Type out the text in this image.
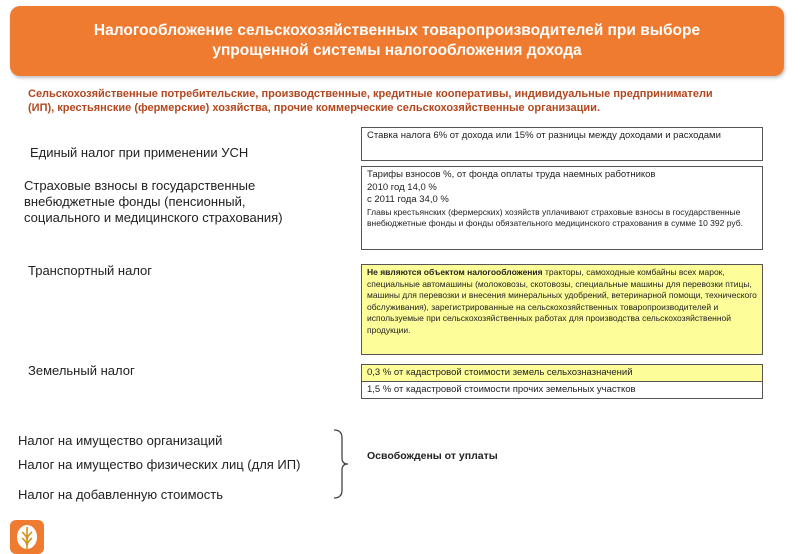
Налогообложение сельскохозяйственных товаропроизводителей при выборе упрощенной системы налогообложения дохода
Сельскохозяйственные потребительские, производственные, кредитные кооперативы, индивидуальные предприниматели (ИП), крестьянские (фермерские) хозяйства, прочие коммерческие сельскохозяйственные организации.
Единый налог при применении УСН
Ставка налога 6% от дохода или 15% от разницы между доходами и расходами
Страховые взносы в государственные внебюджетные фонды (пенсионный, социального и медицинского страхования)
Тарифы взносов %, от фонда оплаты труда наемных работников
2010 год 14,0 %
с 2011 года 34,0 %
Главы крестьянских (фермерских) хозяйств уплачивают страховые взносы в государственные внебюджетные фонды и фонды обязательного медицинского страхования в сумме 10 392 руб.
Транспортный налог	Не являются объектом налогообложения тракторы, самоходные комбайны всех марок, специальные автомашины (молоковозы, скотовозы, специальные машины для перевозки птицы, машины для перевозки и внесения минеральных удобрений, ветеринарной помощи, технического обслуживания), зарегистрированные на сельскохозяйственных товаропроизводителей и используемые при сельскохозяйственных работах для производства сельскохозяйственной продукции.
Земельный налог	0,3 % от кадастровой стоимости земель сельхозназначений
1,5 % от кадастровой стоимости прочих земельных участков
Налог на имущество организаций
Налог на имущество физических лиц (для ИП)
Налог на добавленную стоимость
Освобождены от уплаты
